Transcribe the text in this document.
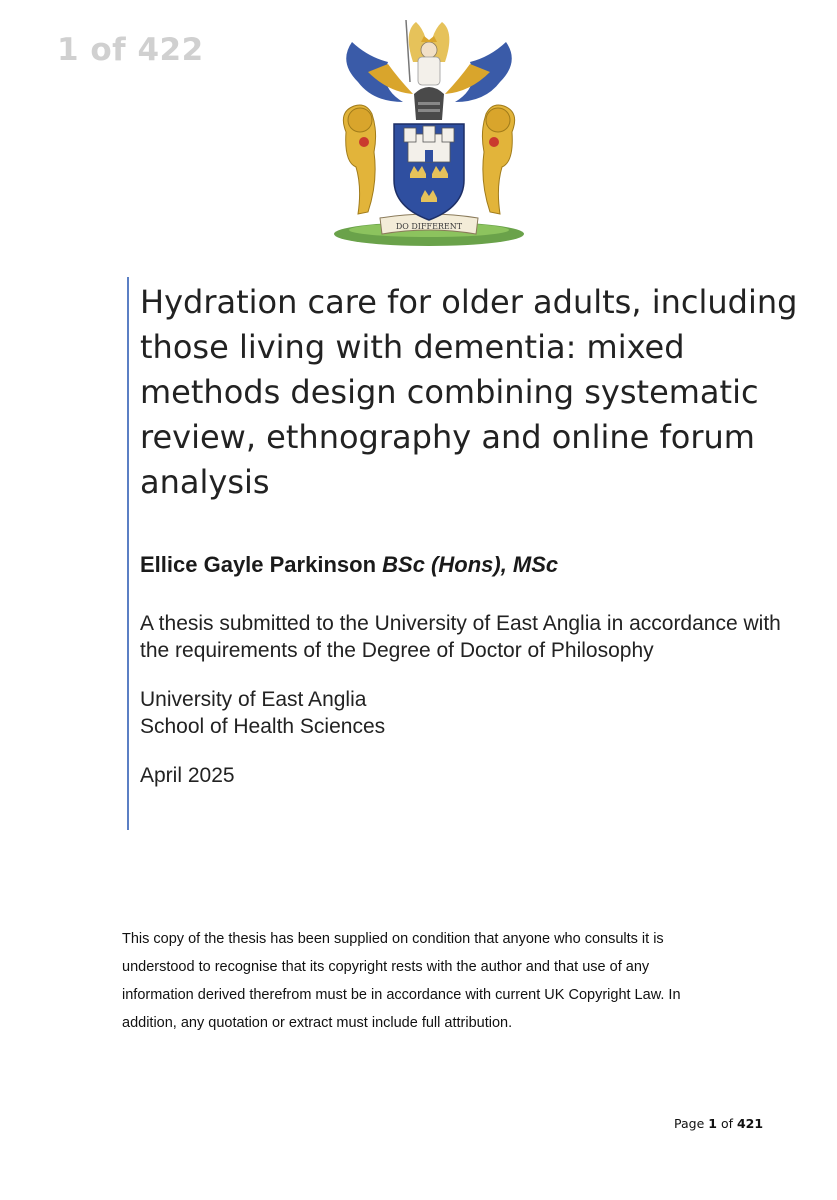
1 of 422
DO DIFFERENT
Hydration care for older adults, including those living with dementia: mixed methods design combining systematic review, ethnography and online forum analysis
Ellice Gayle Parkinson BSc (Hons), MSc
A thesis submitted to the University of East Anglia in accordance with the requirements of the Degree of Doctor of Philosophy
University of East Anglia
School of Health Sciences
April 2025
This copy of the thesis has been supplied on condition that anyone who consults it is understood to recognise that its copyright rests with the author and that use of any information derived therefrom must be in accordance with current UK Copyright Law. In addition, any quotation or extract must include full attribution.
Page 1 of 421
